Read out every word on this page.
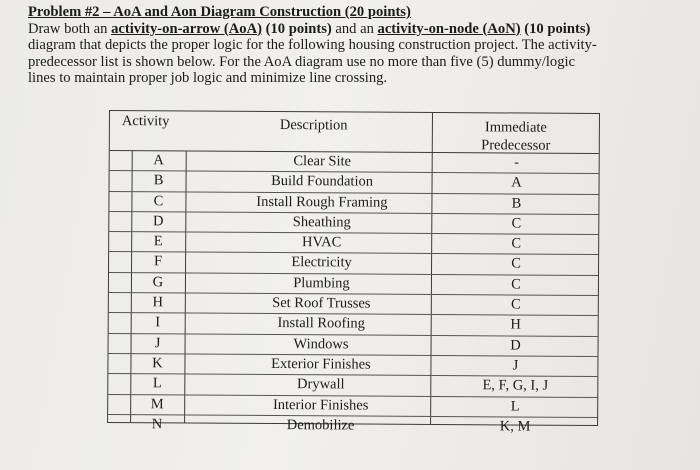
Problem #2 – AoA and Aon Diagram Construction (20 points)
Draw both an activity-on-arrow (AoA) (10 points) and an activity-on-node (AoN) (10 points)
diagram that depicts the proper logic for the following housing construction project. The activity-
predecessor list is shown below. For the AoA diagram use no more than five (5) dummy/logic
lines to maintain proper job logic and minimize line crossing.
Activity	Description	Immediate
Predecessor
A	Clear Site	-
B	Build Foundation	A
C	Install Rough Framing	B
D	Sheathing	C
E	HVAC	C
F	Electricity	C
G	Plumbing	C
H	Set Roof Trusses	C
I	Install Roofing	H
J	Windows	D
K	Exterior Finishes	J
L	Drywall	E, F, G, I, J
M	Interior Finishes	L
N	Demobilize	K, M
